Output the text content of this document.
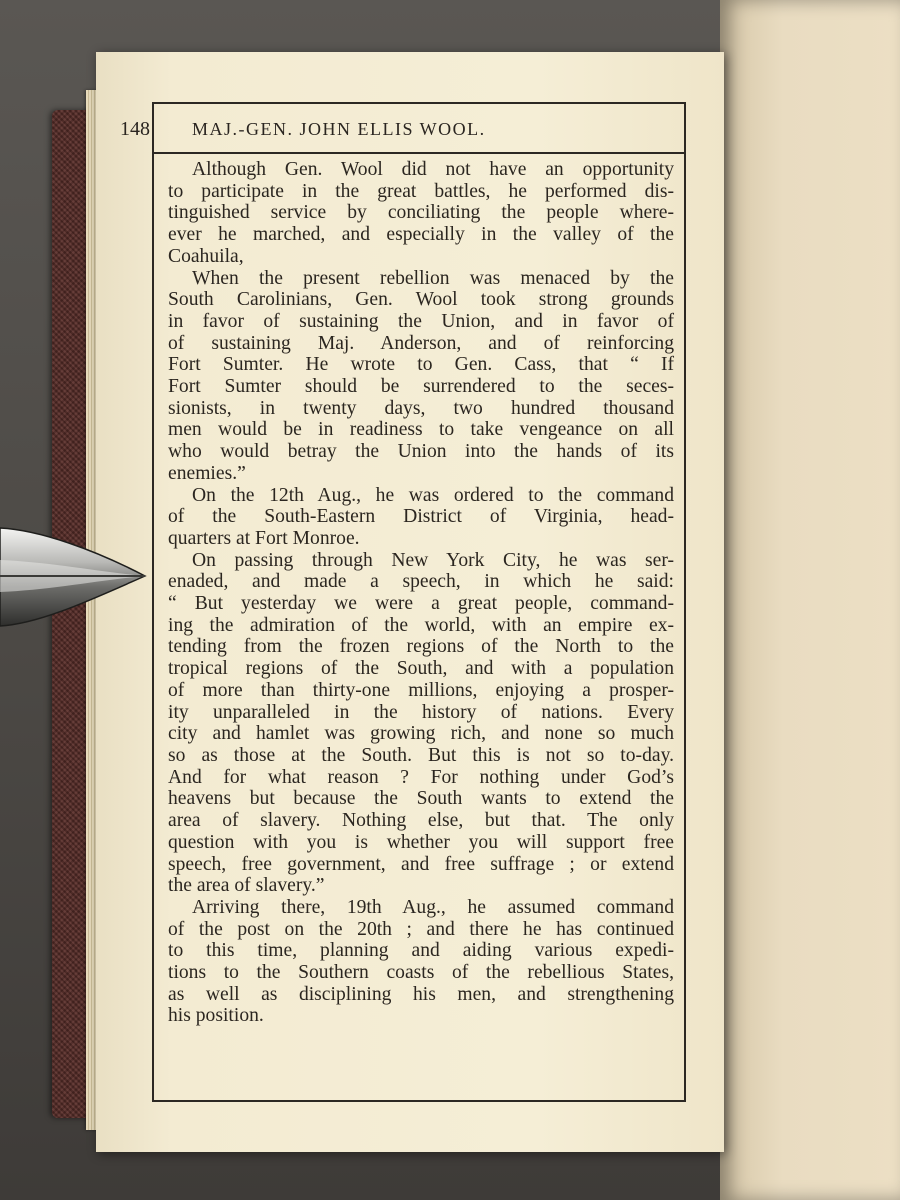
148	MAJ.-GEN. JOHN ELLIS WOOL.
Although Gen. Wool did not have an opportunity
to participate in the great battles, he performed dis-
tinguished service by conciliating the people where-
ever he marched, and especially in the valley of the
Coahuila,
When the present rebellion was menaced by the
South Carolinians, Gen. Wool took strong grounds
in favor of sustaining the Union, and in favor of
of sustaining Maj. Anderson, and of reinforcing
Fort Sumter. He wrote to Gen. Cass, that “ If
Fort Sumter should be surrendered to the seces-
sionists, in twenty days, two hundred thousand
men would be in readiness to take vengeance on all
who would betray the Union into the hands of its
enemies.”
On the 12th Aug., he was ordered to the command
of the South-Eastern District of Virginia, head-
quarters at Fort Monroe.
On passing through New York City, he was ser-
enaded, and made a speech, in which he said:
“ But yesterday we were a great people, command-
ing the admiration of the world, with an empire ex-
tending from the frozen regions of the North to the
tropical regions of the South, and with a population
of more than thirty-one millions, enjoying a prosper-
ity unparalleled in the history of nations. Every
city and hamlet was growing rich, and none so much
so as those at the South. But this is not so to-day.
And for what reason ? For nothing under God’s
heavens but because the South wants to extend the
area of slavery. Nothing else, but that. The only
question with you is whether you will support free
speech, free government, and free suffrage ; or extend
the area of slavery.”
Arriving there, 19th Aug., he assumed command
of the post on the 20th ; and there he has continued
to this time, planning and aiding various expedi-
tions to the Southern coasts of the rebellious States,
as well as disciplining his men, and strengthening
his position.
